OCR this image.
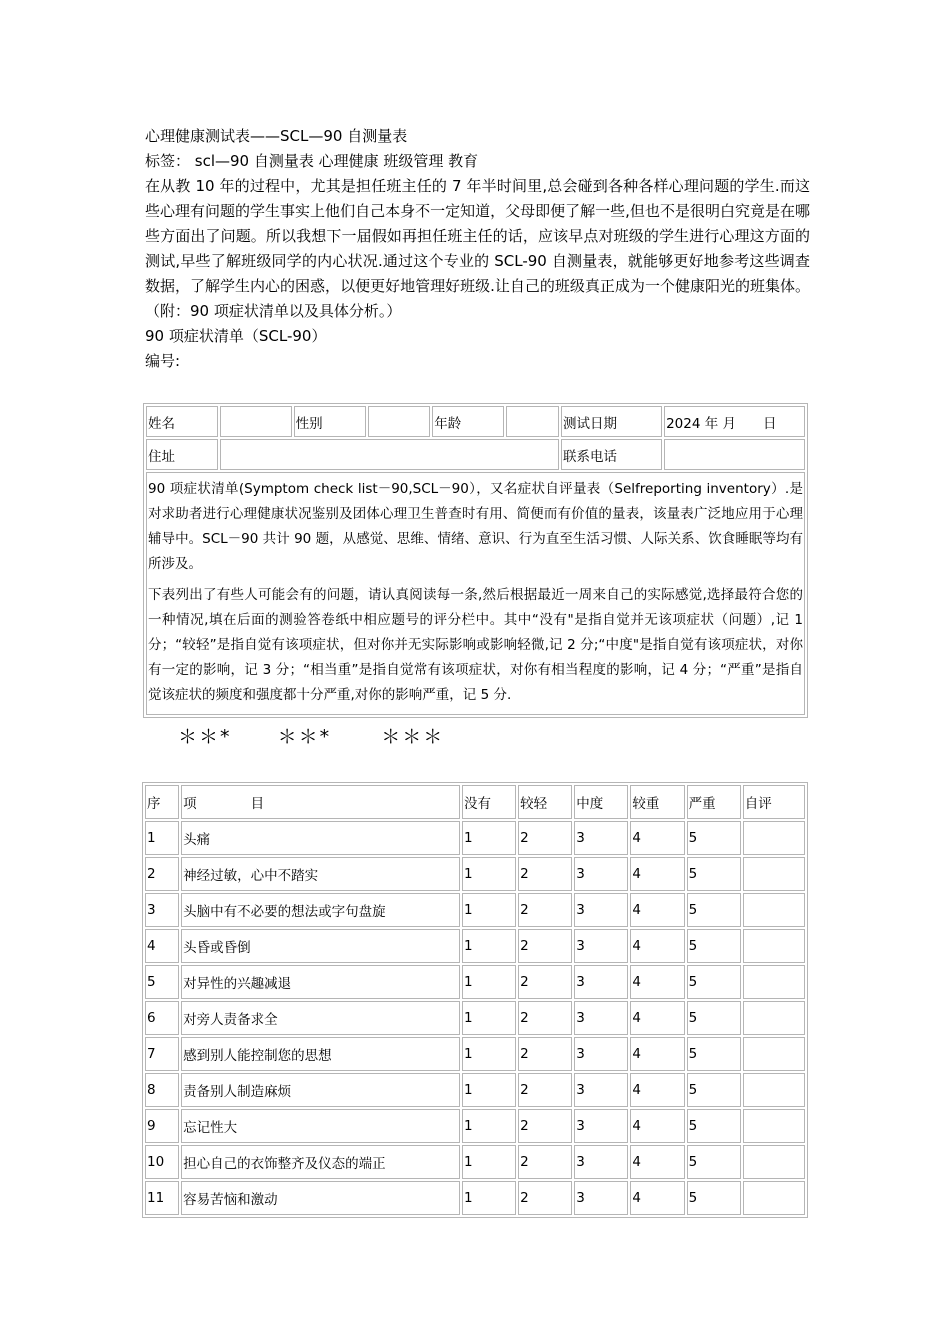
心理健康测试表——SCL—90 自测量表

标签： scl—90 自测量表 心理健康 班级管理 教育

在从教 10 年的过程中，尤其是担任班主任的 7 年半时间里,总会碰到各种各样心理问题的学生.而这些心理有问题的学生事实上他们自己本身不一定知道，父母即便了解一些,但也不是很明白究竟是在哪些方面出了问题。所以我想下一届假如再担任班主任的话，应该早点对班级的学生进行心理这方面的测试,早些了解班级同学的内心状况.通过这个专业的 SCL-90 自测量表，就能够更好地参考这些调查数据，了解学生内心的困惑，以便更好地管理好班级.让自己的班级真正成为一个健康阳光的班集体。（附：90 项症状清单以及具体分析。）

90 项症状清单（SCL-90）

编号:

姓名		性别		年龄		测试日期	2024 年 月　　日
住址						联系电话	

90 项症状清单(Symptom check list－90,SCL－90），又名症状自评量表（Selfreporting inventory）.是对求助者进行心理健康状况鉴别及团体心理卫生普查时有用、简便而有价值的量表，该量表广泛地应用于心理辅导中。SCL－90 共计 90 题，从感觉、思维、情绪、意识、行为直至生活习惯、人际关系、饮食睡眠等均有所涉及。

下表列出了有些人可能会有的问题，请认真阅读每一条,然后根据最近一周来自己的实际感觉,选择最符合您的一种情况,填在后面的测验答卷纸中相应题号的评分栏中。其中“没有"是指自觉并无该项症状（问题）,记 1 分；“较轻”是指自觉有该项症状，但对你并无实际影响或影响轻微,记 2 分;“中度"是指自觉有该项症状，对你有一定的影响，记 3 分；“相当重”是指自觉常有该项症状，对你有相当程度的影响，记 4 分；“严重”是指自觉该症状的频度和强度都十分严重,对你的影响严重，记 5 分.							

＊＊* ＊＊*	＊＊＊
序	项　　　　目	没有	较轻	中度	较重	严重	自评
1	头痛	1	2	3	4	5	
2	神经过敏，心中不踏实	1	2	3	4	5	
3	头脑中有不必要的想法或字句盘旋	1	2	3	4	5	
4	头昏或昏倒	1	2	3	4	5	
5	对异性的兴趣减退	1	2	3	4	5	
6	对旁人责备求全	1	2	3	4	5	
7	感到别人能控制您的思想	1	2	3	4	5	
8	责备别人制造麻烦	1	2	3	4	5	
9	忘记性大	1	2	3	4	5	
10	担心自己的衣饰整齐及仪态的端正	1	2	3	4	5	
11	容易苦恼和激动	1	2	3	4	5	
